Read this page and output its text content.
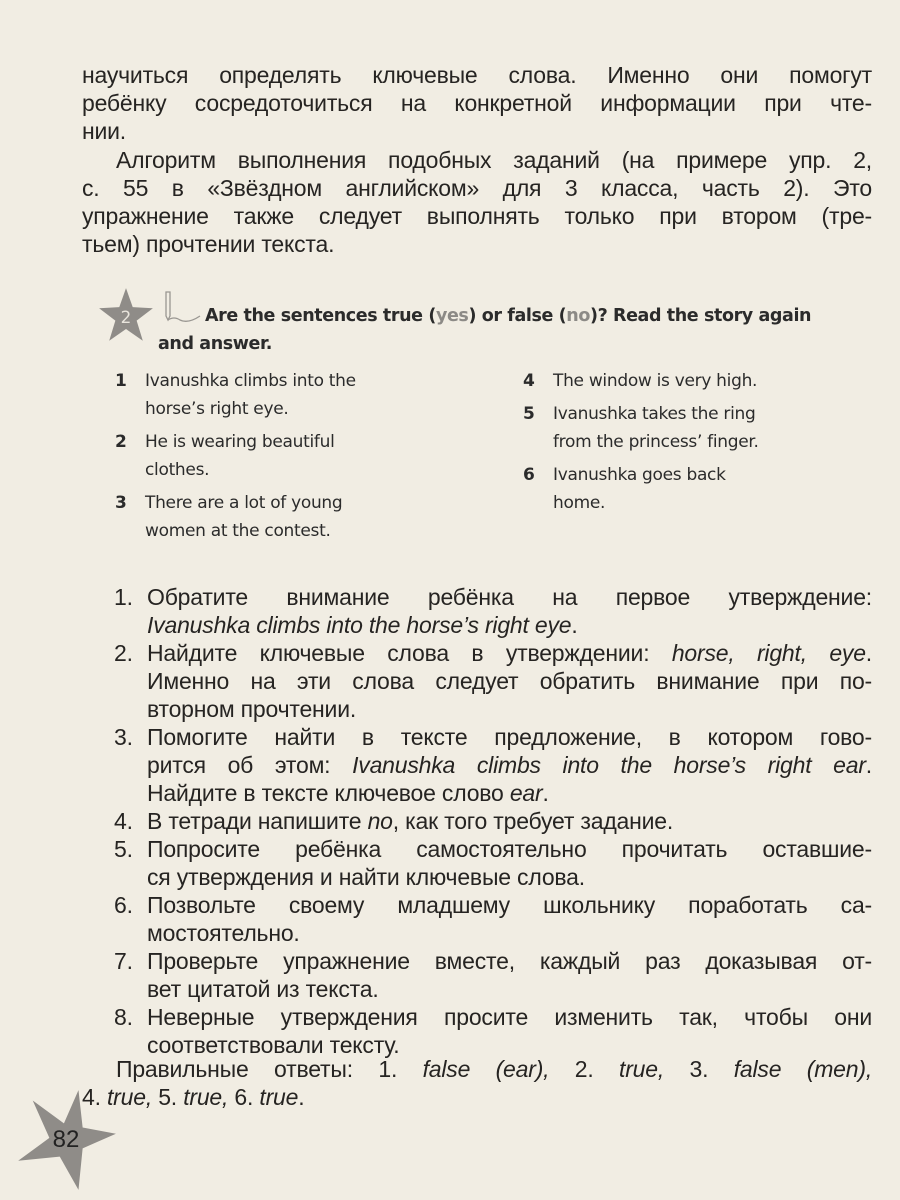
научиться определять ключевые слова. Именно они помогут
ребёнку сосредоточиться на конкретной информации при чте-
нии.
Алгоритм выполнения подобных заданий (на примере упр. 2,
с. 55 в «Звёздном английском» для 3 класса, часть 2). Это
упражнение также следует выполнять только при втором (тре-
тьем) прочтении текста.
2	Are the sentences true (yes) or false (no)? Read the story again
and answer.
1 Ivanushka climbs into the
horse’s right eye.
2 He is wearing beautiful
clothes.
3 There are a lot of young
women at the contest.
4 The window is very high.
5 Ivanushka takes the ring
from the princess’ finger.
6 Ivanushka goes back
home.
1. Обратите внимание ребёнка на первое утверждение:
Ivanushka climbs into the horse’s right eye.
2. Найдите ключевые слова в утверждении: horse, right, eye.
Именно на эти слова следует обратить внимание при по-
вторном прочтении.
3. Помогите найти в тексте предложение, в котором гово-
рится об этом: Ivanushka climbs into the horse’s right ear.
Найдите в тексте ключевое слово ear.
4. В тетради напишите no, как того требует задание.
5. Попросите ребёнка самостоятельно прочитать оставшие-
ся утверждения и найти ключевые слова.
6. Позвольте своему младшему школьнику поработать са-
мостоятельно.
7. Проверьте упражнение вместе, каждый раз доказывая от-
вет цитатой из текста.
8. Неверные утверждения просите изменить так, чтобы они
соответствовали тексту.
Правильные ответы: 1. false (ear), 2. true, 3. false (men),
4. true, 5. true, 6. true.
82
